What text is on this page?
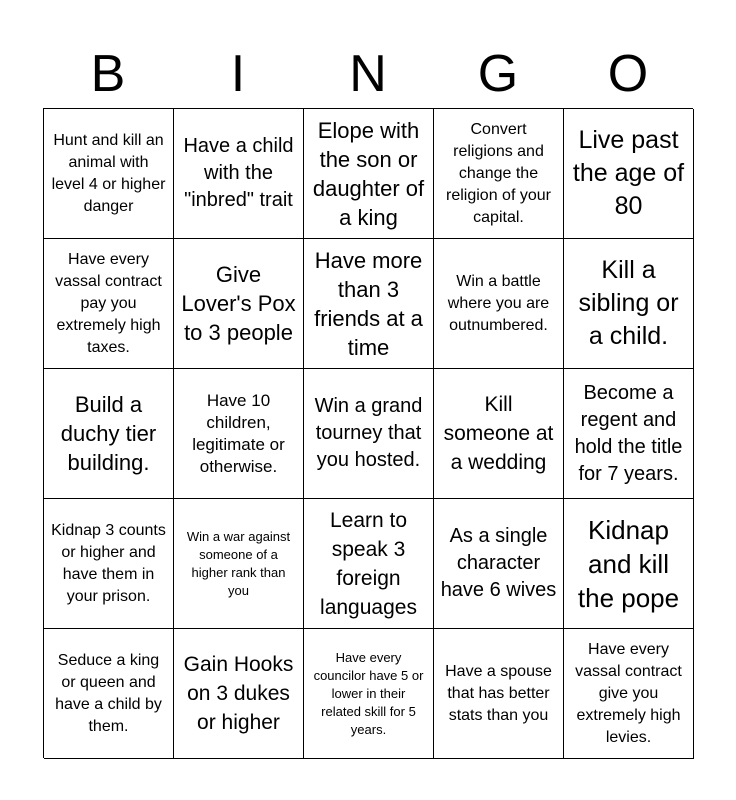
B	I	N	G	O
Hunt and kill an animal with level 4 or higher danger
Have a child with the "inbred" trait
Elope with the son or daughter of a king
Convert religions and change the religion of your capital.
Live past the age of 80
Have every vassal contract pay you extremely high taxes.
Give Lover's Pox to 3 people
Have more than 3 friends at a time
Win a battle where you are outnumbered.
Kill a sibling or a child.
Build a duchy tier building.
Have 10 children, legitimate or otherwise.
Win a grand tourney that you hosted.
Kill someone at a wedding
Become a regent and hold the title for 7 years.
Kidnap 3 counts or higher and have them in your prison.
Win a war against someone of a higher rank than you
Learn to speak 3 foreign languages
As a single character have 6 wives
Kidnap and kill the pope
Seduce a king or queen and have a child by them.
Gain Hooks on 3 dukes or higher
Have every councilor have 5 or lower in their related skill for 5 years.
Have a spouse that has better stats than you
Have every vassal contract give you extremely high levies.
